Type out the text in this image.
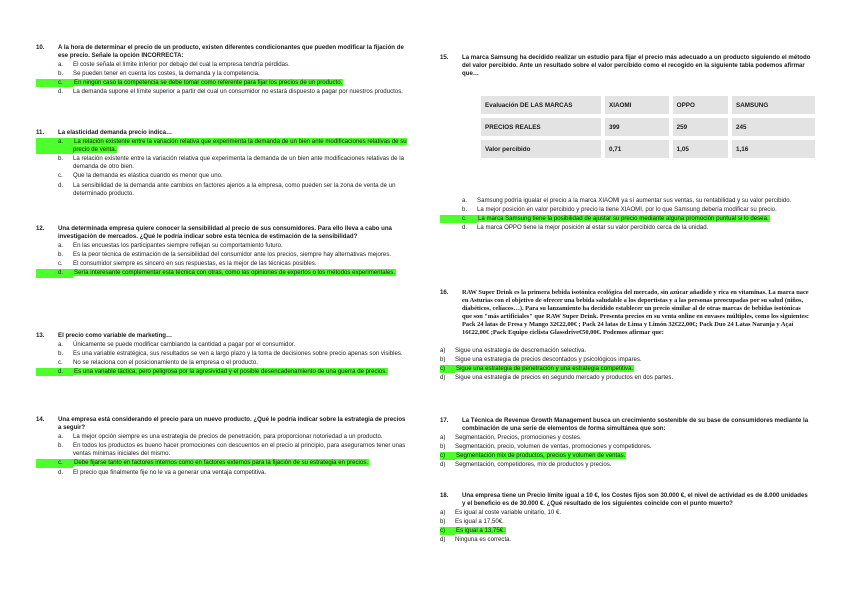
10.	A la hora de determinar el precio de un producto, existen diferentes condicionantes que pueden modificar la fijación de ese precio. Señale la opción INCORRECTA:
a.	El coste señala el límite inferior por debajo del cual la empresa tendría pérdidas.
b.	Se pueden tener en cuenta los costes, la demanda y la competencia.
c.	En ningún caso la competencia se debe tomar como referente para fijar los precios de un producto.
d.	La demanda supone el límite superior a partir del cual un consumidor no estará dispuesto a pagar por nuestros productos.
11.	La elasticidad demanda precio indica…
a.	La relación existente entre la variación relativa que experimenta la demanda de un bien ante modificaciones relativas de su precio de venta.
b.	La relación existente entre la variación relativa que experimenta la demanda de un bien ante modificaciones relativas de la demanda de otro bien.
c.	Que la demanda es elástica cuando es menor que uno.
d.	La sensibilidad de la demanda ante cambios en factores ajenos a la empresa, como pueden ser la zona de venta de un determinado producto.
12.	Una determinada empresa quiere conocer la sensibilidad al precio de sus consumidores. Para ello lleva a cabo una investigación de mercados. ¿Qué le podría indicar sobre esta técnica de estimación de la sensibilidad?
a.	En las encuestas los participantes siempre reflejan su comportamiento futuro.
b.	Es la peor técnica de estimación de la sensibilidad del consumidor ante los precios, siempre hay alternativas mejores.
c.	El consumidor siempre es sincero en sus respuestas, es la mejor de las técnicas posibles.
d.	Sería interesante complementar esta técnica con otras, como las opiniones de expertos o los métodos experimentales.
13.	El precio como variable de marketing…
a.	Únicamente se puede modificar cambiando la cantidad a pagar por el consumidor.
b.	Es una variable estratégica, sus resultados se ven a largo plazo y la toma de decisiones sobre precio apenas son visibles.
c.	No se relaciona con el posicionamiento de la empresa o el producto.
d.	Es una variable táctica, pero peligrosa por la agresividad y el posible desencadenamiento de una guerra de precios.
14.	Una empresa está considerando el precio para un nuevo producto. ¿Qué le podría indicar sobre la estrategia de precios a seguir?
a.	La mejor opción siempre es una estrategia de precios de penetración, para proporcionar notoriedad a un producto.
b.	En todos los productos es bueno hacer promociones con descuentos en el precio al principio, para asegurarnos tener unas ventas mínimas iniciales del mismo.
c.	Debe fijarse tanto en factores internos como en factores externos para la fijación de su estrategia en precios.
d.	El precio que finalmente fije no le va a generar una ventaja competitiva.
15.	La marca Samsung ha decidido realizar un estudio para fijar el precio más adecuado a un producto siguiendo el método del valor percibido. Ante un resultado sobre el valor percibido como el recogido en la siguiente tabla podemos afirmar que…
Evaluación DE LAS MARCAS	XIAOMI	OPPO	SAMSUNG
PRECIOS REALES	399	259	245
Valor percibido	0,71	1,05	1,16
a.	Samsung podría igualar el precio a la marca XIAOMI ya sí aumentar sus ventas, su rentabilidad y su valor percibido.
b.	La mejor posición en valor percibido y precio la tiene XIAOMI, por lo que Samsung debería modificar su precio.
c.	La marca Samsung tiene la posibilidad de ajustar su precio mediante alguna promoción puntual si lo desea.
d.	La marca OPPO tiene la mejor posición al estar su valor percibido cerca de la unidad.
16.	RAW Super Drink es la primera bebida isotónica ecológica del mercado, sin azúcar añadido y rica en vitaminas. La marca nace en Asturias con el objetivo de ofrecer una bebida saludable a los deportistas y a las personas preocupadas por su salud (niños, diabéticos, celíacos…). Para su lanzamiento ha decidido establecer un precio similar al de otras marcas de bebidas isotónicas que son "más artificiales" que RAW Super Drink. Presenta precios en su venta online en envases múltiples, como los siguientes: Pack 24 latas de Fresa y Mango 32€22,00€ ; Pack 24 latas de Lima y Limón 32€22,00€; Pack Duo 24 Latas Naranja y Açaí 16€22,00€ ;Pack Equipo ciclista Glassdrive€50,00€. Podemos afirmar que:
a)	Sigue una estrategia de descremación selectiva.
b)	Sigue una estrategia de precios descontados y psicológicos impares.
c)	Sigue una estrategia de penetración y una estrategia competitiva.
d)	Sigue una estrategia de precios en segundo mercado y productos en dos partes.
17.	La Técnica de Revenue Growth Management busca un crecimiento sostenible de su base de consumidores mediante la combinación de una serie de elementos de forma simultánea que son:
a)	Segmentación, Precios, promociones y costes.
b)	Segmentación, precio, volumen de ventas, promociones y competidores.
c)	Segmentación mix de productos, precios y volumen de ventas.
d)	Segmentación, competidores, mix de productos y precios.
18.	Una empresa tiene un Precio límite igual a 10 €, los Costes fijos son 30.000 €, el nivel de actividad es de 8.000 unidades y el beneficio es de 30.000 €. ¿Qué resultado de los siguientes coincide con el punto muerto?
a)	Es igual al coste variable unitario, 10 €.
b)	Es igual a 17,50€.
c)	Es igual a 13,75€.
d)	Ninguna es correcta.
